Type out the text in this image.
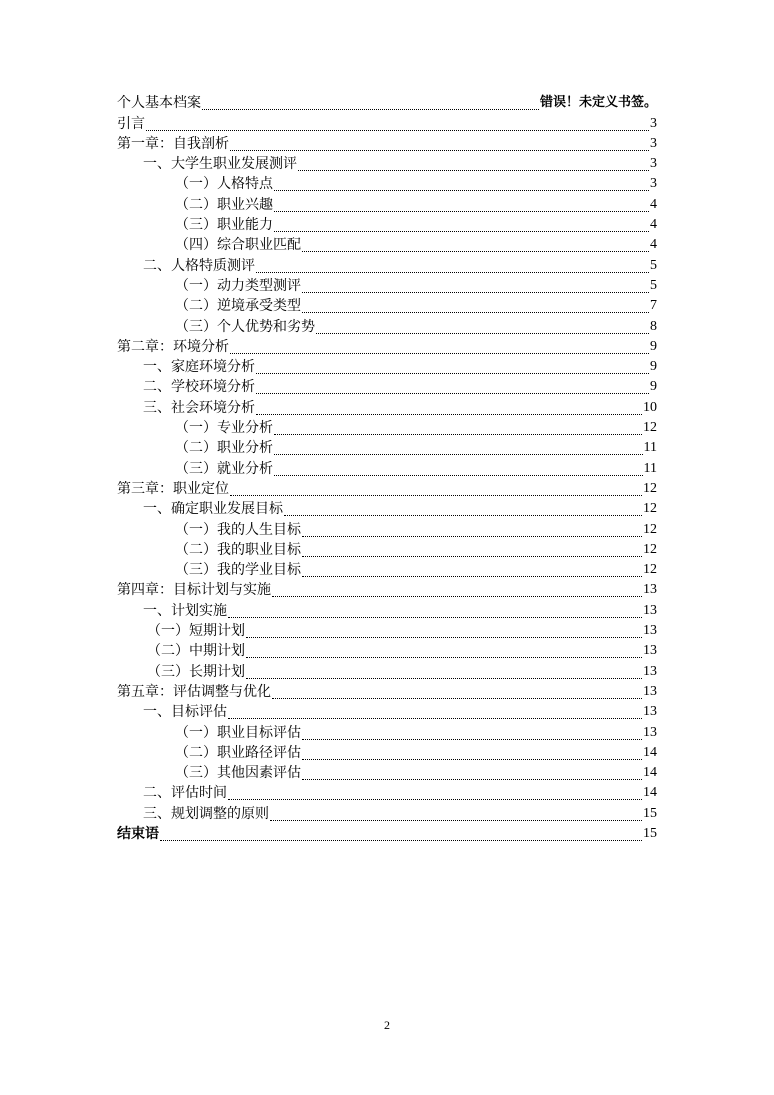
个人基本档案	错误！未定义书签。
引言	3
第一章：自我剖析	3
一、大学生职业发展测评	3
（一）人格特点	3
（二）职业兴趣	4
（三）职业能力	4
（四）综合职业匹配	4
二、人格特质测评	5
（一）动力类型测评	5
（二）逆境承受类型	7
（三）个人优势和劣势	8
第二章：环境分析	9
一、家庭环境分析	9
二、学校环境分析	9
三、社会环境分析	10
（一）专业分析	12
（二）职业分析	11
（三）就业分析	11
第三章：职业定位	12
一、确定职业发展目标	12
（一）我的人生目标	12
（二）我的职业目标	12
（三）我的学业目标	12
第四章：目标计划与实施	13
一、计划实施	13
（一）短期计划	13
（二）中期计划	13
（三）长期计划	13
第五章：评估调整与优化	13
一、目标评估	13
（一）职业目标评估	13
（二）职业路径评估	14
（三）其他因素评估	14
二、评估时间	14
三、规划调整的原则	15
结束语	15
2
